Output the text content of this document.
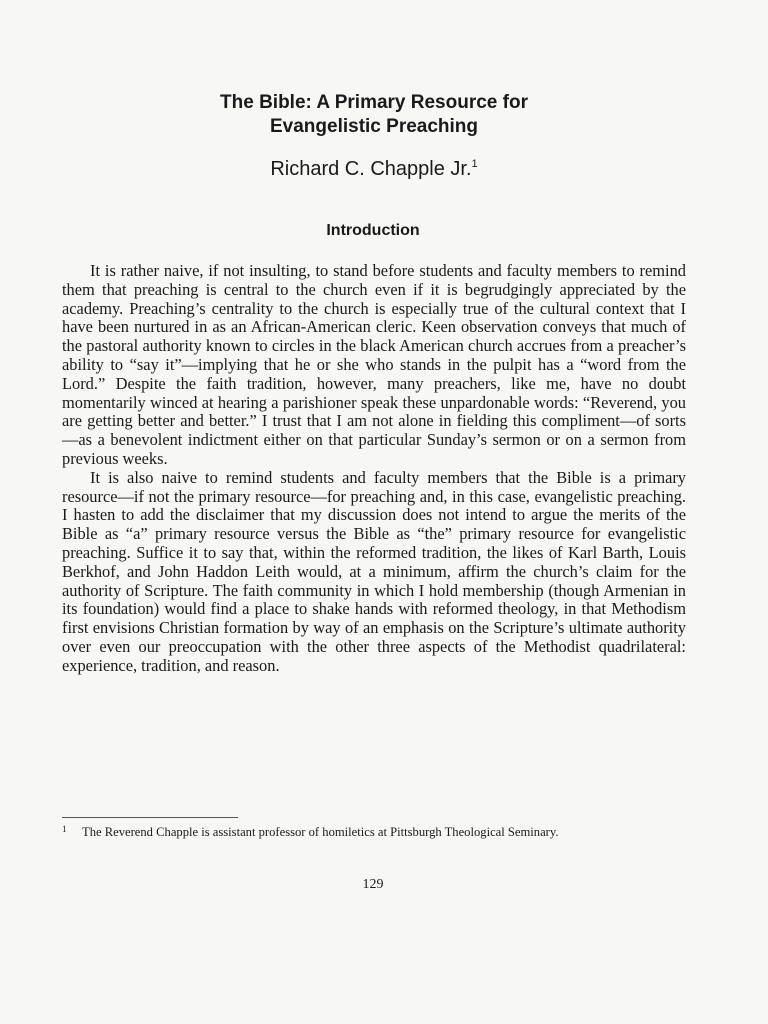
The Bible: A Primary Resource for
Evangelistic Preaching
Richard C. Chapple Jr.$^1$
Introduction

It is rather naive, if not insulting, to stand before students and faculty members to remind them that preaching is central to the church even if it is begrudgingly appreciated by the academy. Preaching’s centrality to the church is especially true of the cultural context that I have been nurtured in as an African-American cleric. Keen observation conveys that much of the pastoral authority known to circles in the black American church accrues from a preacher’s ability to “say it”—implying that he or she who stands in the pulpit has a “word from the Lord.” Despite the faith tradition, however, many preachers, like me, have no doubt momentarily winced at hearing a parishioner speak these unpardonable words: “Reverend, you are getting better and better.” I trust that I am not alone in fielding this compliment—of sorts—as a benevolent indictment either on that particular Sunday’s sermon or on a sermon from previous weeks.

It is also naive to remind students and faculty members that the Bible is a primary resource—if not the primary resource—for preaching and, in this case, evangelistic preaching. I hasten to add the disclaimer that my discussion does not intend to argue the merits of the Bible as “a” primary resource versus the Bible as “the” primary resource for evangelistic preaching. Suffice it to say that, within the reformed tradition, the likes of Karl Barth, Louis Berkhof, and John Haddon Leith would, at a minimum, affirm the church’s claim for the authority of Scripture. The faith community in which I hold membership (though Armenian in its foundation) would find a place to shake hands with reformed theology, in that Methodism first envisions Christian formation by way of an emphasis on the Scripture’s ultimate authority over even our preoccupation with the other three aspects of the Methodist quadrilateral: experience, tradition, and reason.

1	The Reverend Chapple is assistant professor of homiletics at Pittsburgh Theological Seminary.
129
